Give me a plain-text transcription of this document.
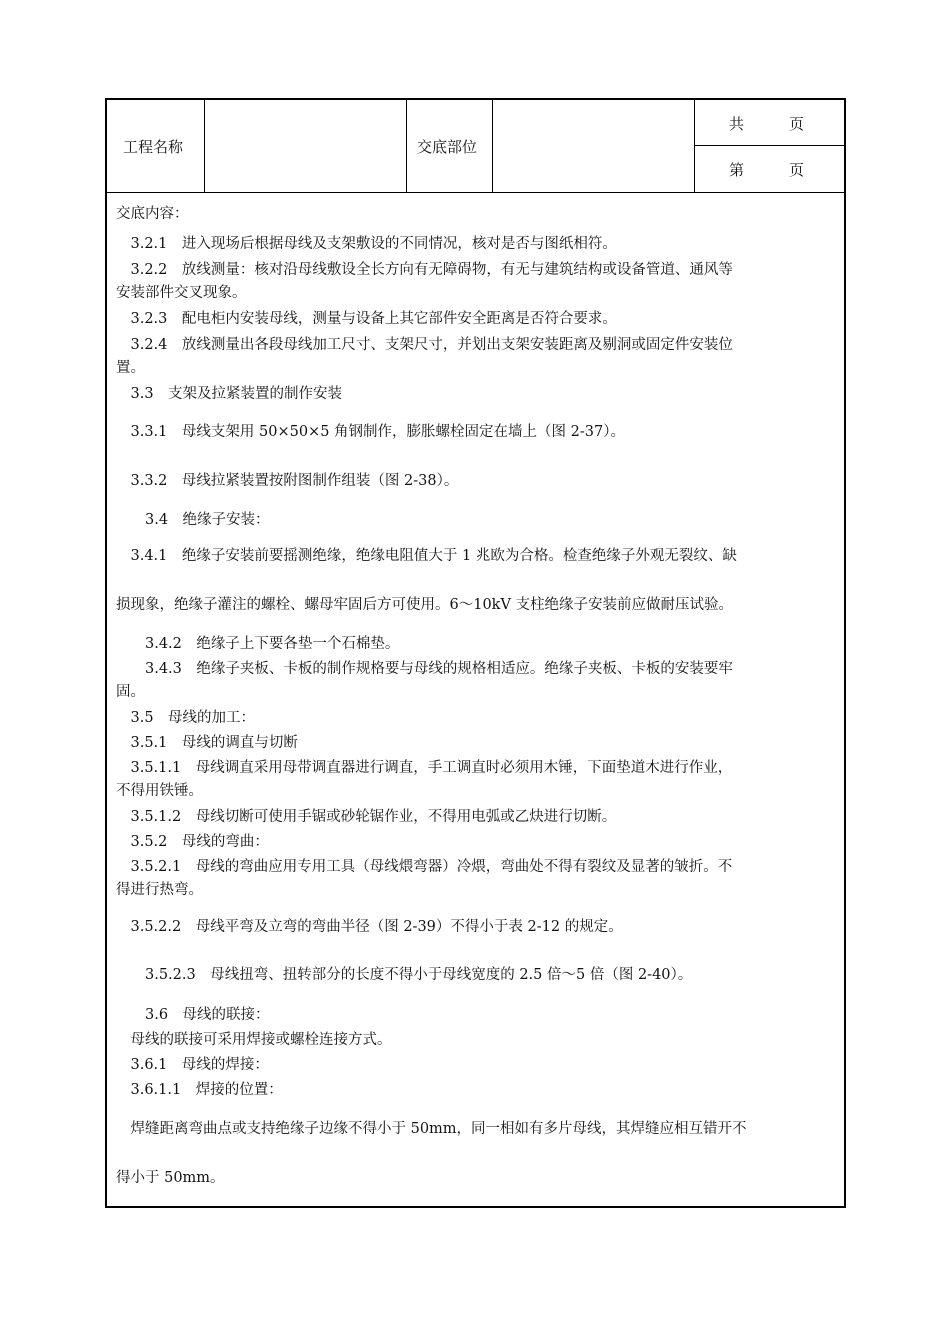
工程名称	交底部位
共　　　页
第　　　页
交底内容：
　3.2.1　进入现场后根据母线及支架敷设的不同情况，核对是否与图纸相符。
　3.2.2　放线测量：核对沿母线敷设全长方向有无障碍物，有无与建筑结构或设备管道、通风等
安装部件交叉现象。
　3.2.3　配电柜内安装母线，测量与设备上其它部件安全距离是否符合要求。
　3.2.4　放线测量出各段母线加工尺寸、支架尺寸，并划出支架安装距离及剔洞或固定件安装位
置。
　3.3　支架及拉紧装置的制作安装
　3.3.1　母线支架用 50×50×5 角钢制作，膨胀螺栓固定在墙上（图 2-37）。
　3.3.2　母线拉紧装置按附图制作组装（图 2-38）。
　　3.4　绝缘子安装：
　3.4.1　绝缘子安装前要摇测绝缘，绝缘电阻值大于 1 兆欧为合格。检查绝缘子外观无裂纹、缺
损现象，绝缘子灌注的螺栓、螺母牢固后方可使用。6～10kV 支柱绝缘子安装前应做耐压试验。
　　3.4.2　绝缘子上下要各垫一个石棉垫。
　　3.4.3　绝缘子夹板、卡板的制作规格要与母线的规格相适应。绝缘子夹板、卡板的安装要牢
固。
　3.5　母线的加工：
　3.5.1　母线的调直与切断
　3.5.1.1　母线调直采用母带调直器进行调直，手工调直时必须用木锤，下面垫道木进行作业，
不得用铁锤。
　3.5.1.2　母线切断可使用手锯或砂轮锯作业，不得用电弧或乙炔进行切断。
　3.5.2　母线的弯曲：
　3.5.2.1　母线的弯曲应用专用工具（母线煨弯器）冷煨，弯曲处不得有裂纹及显著的皱折。不
得进行热弯。
　3.5.2.2　母线平弯及立弯的弯曲半径（图 2-39）不得小于表 2-12 的规定。
　　3.5.2.3　母线扭弯、扭转部分的长度不得小于母线宽度的 2.5 倍～5 倍（图 2-40）。
　　3.6　母线的联接：
　母线的联接可采用焊接或螺栓连接方式。
　3.6.1　母线的焊接：
　3.6.1.1　焊接的位置：
　焊缝距离弯曲点或支持绝缘子边缘不得小于 50mm，同一相如有多片母线，其焊缝应相互错开不
得小于 50mm。
